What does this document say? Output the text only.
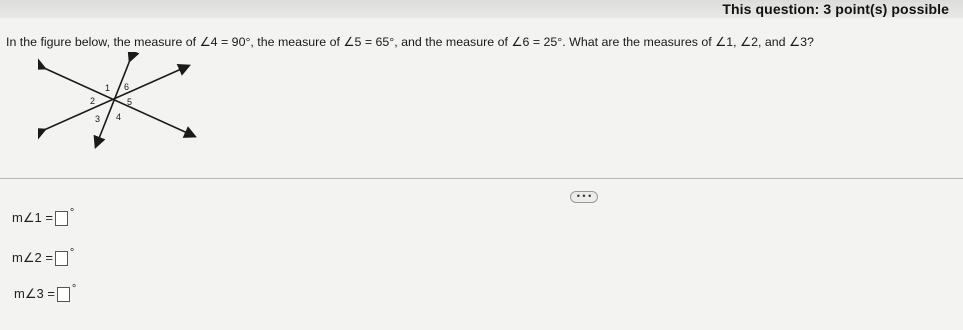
This question: 3 point(s) possible
In the figure below, the measure of ∠4 = 90°, the measure of ∠5 = 65°, and the measure of ∠6 = 25°. What are the measures of ∠1, ∠2, and ∠3?
1 6
2	5
3 4
• • •
m∠1 = °
m∠2 = °
m∠3 = °
